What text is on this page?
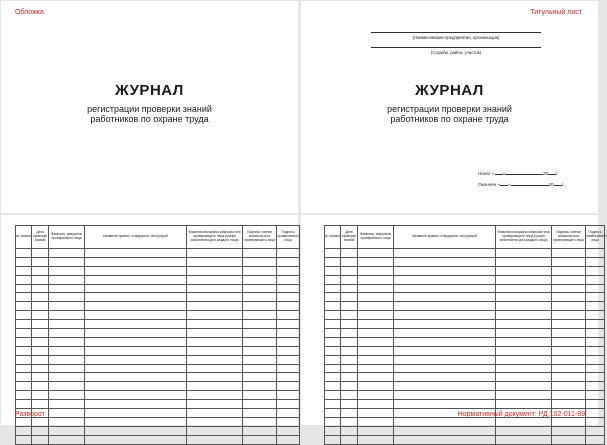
Обложка
ЖУРНАЛ
регистрации проверки знаний
работников по охране труда
Титульный лист
(Наименование предприятия, организации)
(Служба, район, участок)
ЖУРНАЛ
регистрации проверки знаний
работников по охране труда
Начат « »	20 г.
Окончен « »	20 г.
№ записи	Дата проверки знаний	Фамилия, инициалы проверяемого лица	Название правил, стандартов, инструкций	Фамилия инициалы комиссии или проверяющего лица (графа заполняется для каждого лица)	Подпись членов комиссии или проверяющего лица	Подпись проверяемого лица

Разворот
№ записи	Дата проверки знаний	Фамилия, инициалы проверяемого лица	Название правил, стандартов, инструкций	Фамилия инициалы комиссии или проверяющего лица (графа заполняется для каждого лица)	Подпись членов комиссии или проверяющего лица	Подпись проверяемого лица

Нормативный документ: РД 102-011-89
